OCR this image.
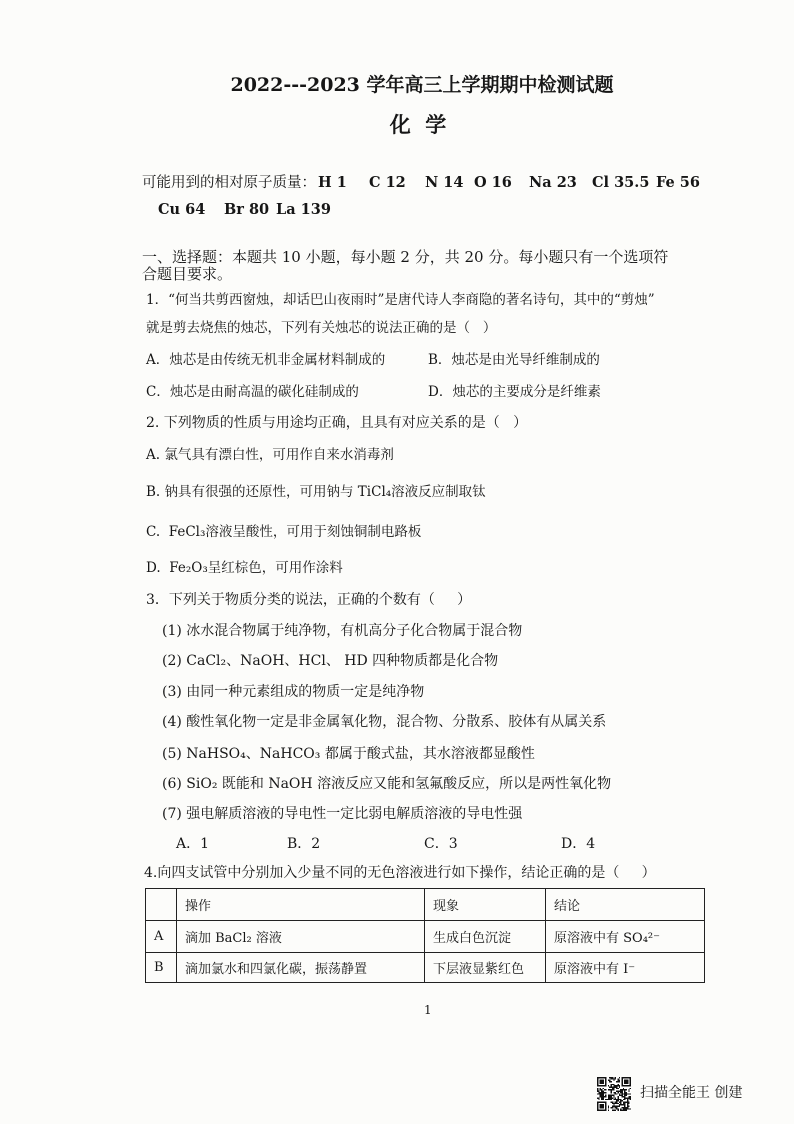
2022---2023 学年高三上学期期中检测试题
化  学
可能用到的相对原子质量： H 1 C 12 N 14 O 16 Na 23 Cl 35.5 Fe 56
Cu 64 Br 80 La 139
一、选择题：本题共 10 小题，每小题 2 分，共 20 分。每小题只有一个选项符
合题目要求。
1．“何当共剪西窗烛，却话巴山夜雨时”是唐代诗人李商隐的著名诗句，其中的“剪烛”
就是剪去烧焦的烛芯，下列有关烛芯的说法正确的是（   ）
A．烛芯是由传统无机非金属材料制成的	B．烛芯是由光导纤维制成的
C．烛芯是由耐高温的碳化硅制成的	D．烛芯的主要成分是纤维素
2. 下列物质的性质与用途均正确，且具有对应关系的是（   ）
A. 氯气具有漂白性，可用作自来水消毒剂
B. 钠具有很强的还原性，可用钠与 TiCl₄溶液反应制取钛
C.  FeCl₃溶液呈酸性，可用于刻蚀铜制电路板
D.  Fe₂O₃呈红棕色，可用作涂料
3．下列关于物质分类的说法，正确的个数有（     ）
(1) 冰水混合物属于纯净物，有机高分子化合物属于混合物
(2) CaCl₂、NaOH、HCl、 HD 四种物质都是化合物
(3) 由同一种元素组成的物质一定是纯净物
(4) 酸性氧化物一定是非金属氧化物，混合物、分散系、胶体有从属关系
(5) NaHSO₄、NaHCO₃ 都属于酸式盐，其水溶液都显酸性
(6) SiO₂ 既能和 NaOH 溶液反应又能和氢氟酸反应，所以是两性氧化物
(7) 强电解质溶液的导电性一定比弱电解质溶液的导电性强
A．1	B．2	C．3	D．4
4.向四支试管中分别加入少量不同的无色溶液进行如下操作，结论正确的是（     ）
	操作	现象	结论
A	滴加 BaCl₂ 溶液	生成白色沉淀	原溶液中有 SO₄²⁻
B	滴加氯水和四氯化碳，振荡静置	下层液显紫红色	原溶液中有 I⁻
1
扫描全能王 创建
